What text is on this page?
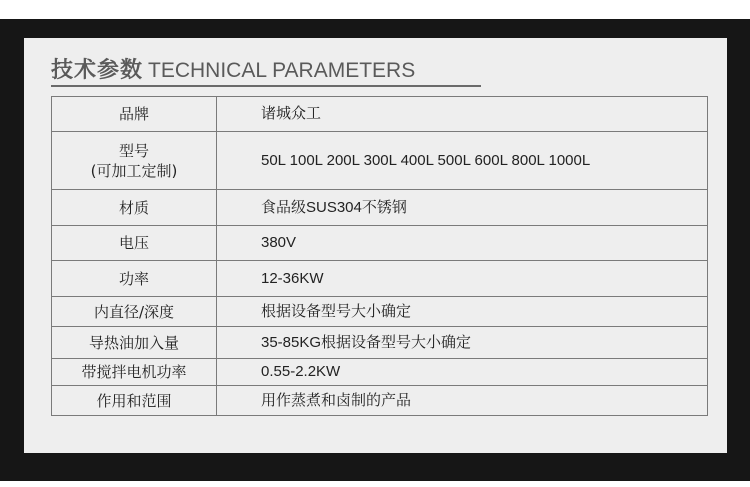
技术参数 TECHNICAL PARAMETERS
品牌	诸城众工

型号
(可加工定制)	50L 100L 200L 300L 400L 500L 600L 800L 1000L
材质	食品级SUS304不锈钢
电压	380V
功率	12-36KW
内直径/深度	根据设备型号大小确定
导热油加入量	35-85KG根据设备型号大小确定
带搅拌电机功率	0.55-2.2KW
作用和范围	用作蒸煮和卤制的产品
